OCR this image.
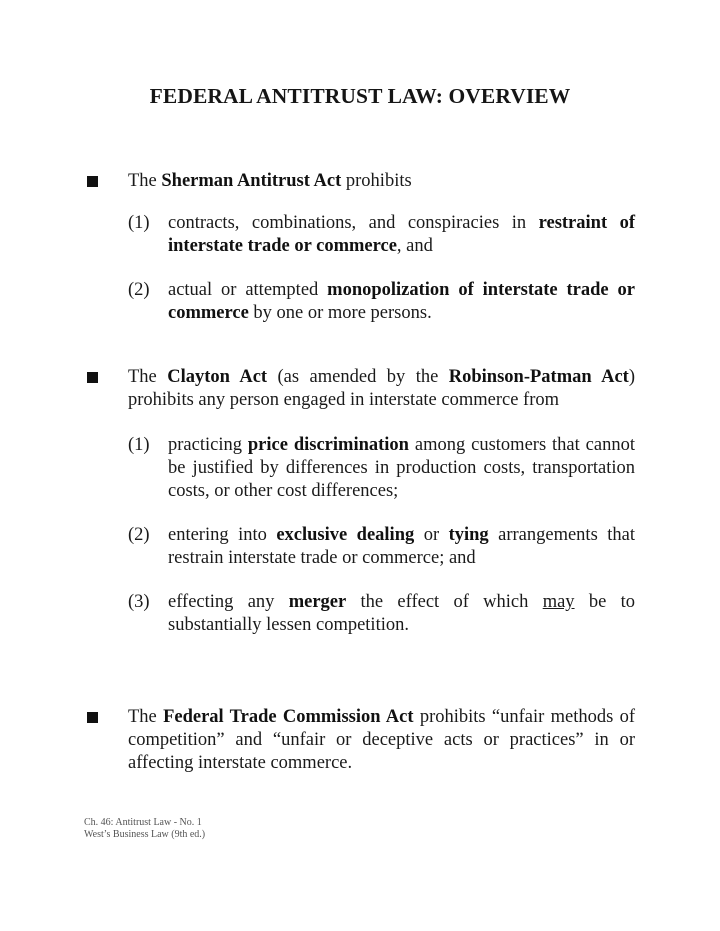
FEDERAL ANTITRUST LAW: OVERVIEW
The Sherman Antitrust Act prohibits
(1) contracts, combinations, and conspiracies in restraint of interstate trade or commerce, and
(2) actual or attempted monopolization of interstate trade or commerce by one or more persons.
The Clayton Act (as amended by the Robinson-Patman Act) prohibits any person engaged in interstate commerce from
(1) practicing price discrimination among customers that cannot be justified by differences in production costs, transportation costs, or other cost differences;
(2) entering into exclusive dealing or tying arrangements that restrain interstate trade or commerce; and
(3) effecting any merger the effect of which may be to substantially lessen competition.
The Federal Trade Commission Act prohibits “unfair methods of competition” and “unfair or deceptive acts or practices” in or affecting interstate commerce.
Ch. 46: Antitrust Law - No. 1
West’s Business Law (9th ed.)
